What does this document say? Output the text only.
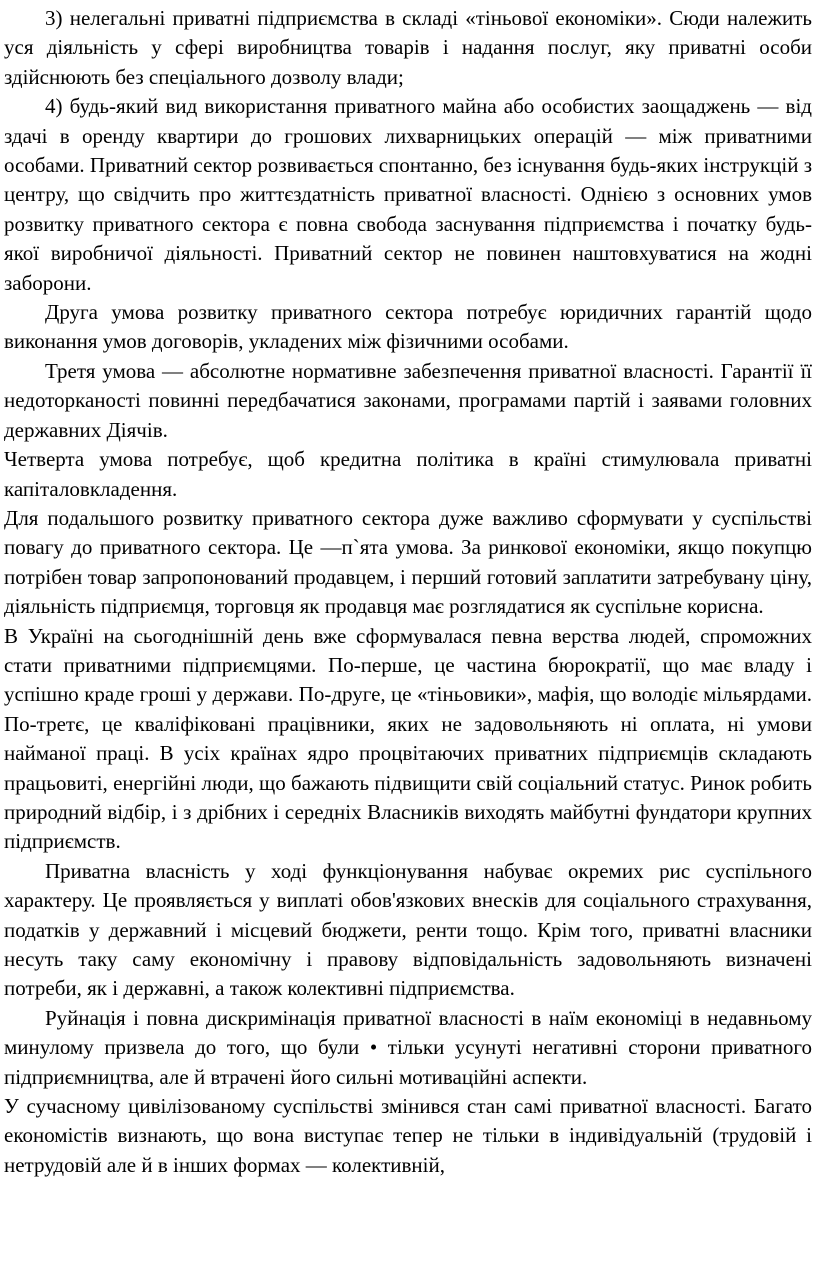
3) нелегальні приватні підприємства в складі «тіньової економіки». Сюди належить уся діяльність у сфері виробництва товарів і надання послуг, яку приватні особи здійснюють без спеціального дозволу влади;

4) будь-який вид використання приватного майна або особистих заощаджень — від здачі в оренду квартири до грошових лихварницьких операцій — між приватними особами. Приватний сектор розвивається спонтанно, без існування будь-яких інструкцій з центру, що свідчить про життєздатність приватної власності. Однією з основних умов розвитку приватного сектора є повна свобода заснування підприємства і початку будь-якої виробничої діяльності. Приватний сектор не повинен наштовхуватися на жодні заборони.

Друга умова розвитку приватного сектора потребує юридичних гарантій щодо виконання умов договорів, укладених між фізичними особами.

Третя умова — абсолютне нормативне забезпечення приватної власності. Гарантії її недоторканості повинні передбачатися законами, програмами партій і заявами головних державних Діячів.

Четверта умова потребує, щоб кредитна політика в країні стимулювала приватні капіталовкладення.

Для подальшого розвитку приватного сектора дуже важливо сформувати у суспільстві повагу до приватного сектора. Це —п`ята умова. За ринкової економіки, якщо покупцю потрібен товар запропонований продавцем, і перший готовий заплатити затребувану ціну, діяльність підприємця, торговця як продавця має розглядатися як суспільне корисна.

В Україні на сьогоднішній день вже сформувалася певна верства людей, спроможних стати приватними підприємцями. По-перше, це частина бюрократії, що має владу і успішно краде гроші у держави. По-друге, це «тіньовики», мафія, що володіє мільярдами. По-третє, це кваліфіковані працівники, яких не задовольняють ні оплата, ні умови найманої праці. В усіх країнах ядро процвітаючих приватних підприємців складають працьовиті, енергійні люди, що бажають підвищити свій соціальний статус. Ринок робить природний відбір, і з дрібних і середніх Власників виходять майбутні фундатори крупних підприємств.

Приватна власність у ході функціонування набуває окремих рис суспільного характеру. Це проявляється у виплаті обов'язкових внесків для соціального страхування, податків у державний і місцевий бюджети, ренти тощо. Крім того, приватні власники несуть таку саму економічну і правову відповідальність задовольняють визначені потреби, як і державні, а також колективні підприємства.

Руйнація і повна дискримінація приватної власності в наїм економіці в недавньому минулому призвела до того, що були • тільки усунуті негативні сторони приватного підприємництва, але й втрачені його сильні мотиваційні аспекти.

У сучасному цивілізованому суспільстві змінився стан самі приватної власності. Багато економістів визнають, що вона виступає тепер не тільки в індивідуальній (трудовій і нетрудовій але й в інших формах — колективній,
